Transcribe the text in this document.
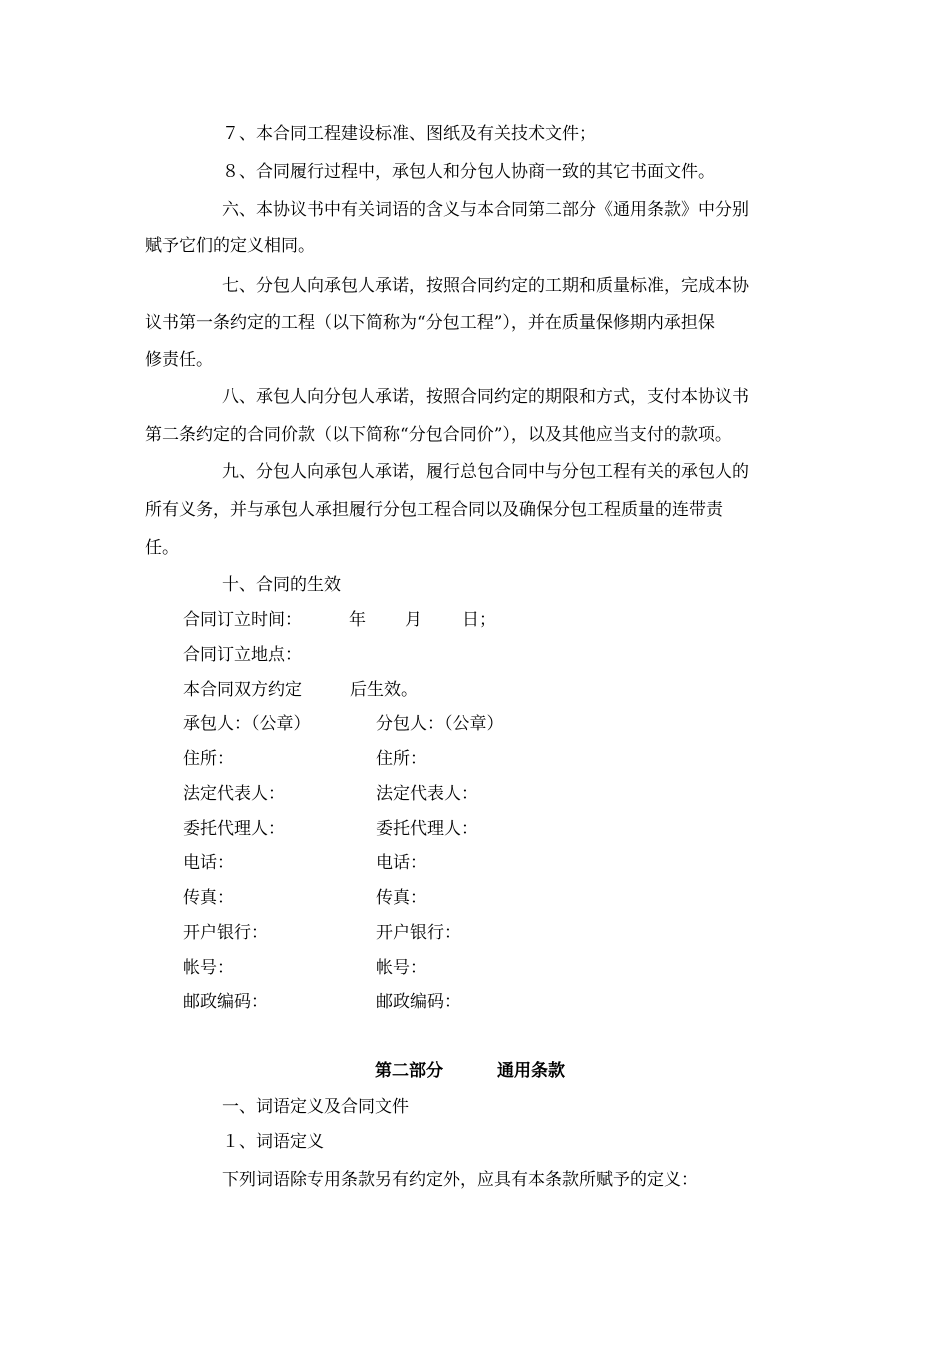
７、本合同工程建设标准、图纸及有关技术文件；

８、合同履行过程中，承包人和分包人协商一致的其它书面文件。

六、本协议书中有关词语的含义与本合同第二部分《通用条款》中分别

赋予它们的定义相同。

七、分包人向承包人承诺，按照合同约定的工期和质量标准，完成本协

议书第一条约定的工程（以下简称为“分包工程”），并在质量保修期内承担保

修责任。

八、承包人向分包人承诺，按照合同约定的期限和方式，支付本协议书

第二条约定的合同价款（以下简称“分包合同价”），以及其他应当支付的款项。

九、分包人向承包人承诺，履行总包合同中与分包工程有关的承包人的

所有义务，并与承包人承担履行分包工程合同以及确保分包工程质量的连带责

任。

十、合同的生效

合同订立时间：	年 月 日；

合同订立地点：

本合同双方约定	后生效。

承包人：（公章）	分包人：（公章）

住所：	住所：

法定代表人：	法定代表人：

委托代理人：	委托代理人：

电话：	电话：

传真：	传真：

开户银行：	开户银行：

帐号：	帐号：

邮政编码：	邮政编码：

第二部分	通用条款

一、词语定义及合同文件

１、词语定义

下列词语除专用条款另有约定外，应具有本条款所赋予的定义：
